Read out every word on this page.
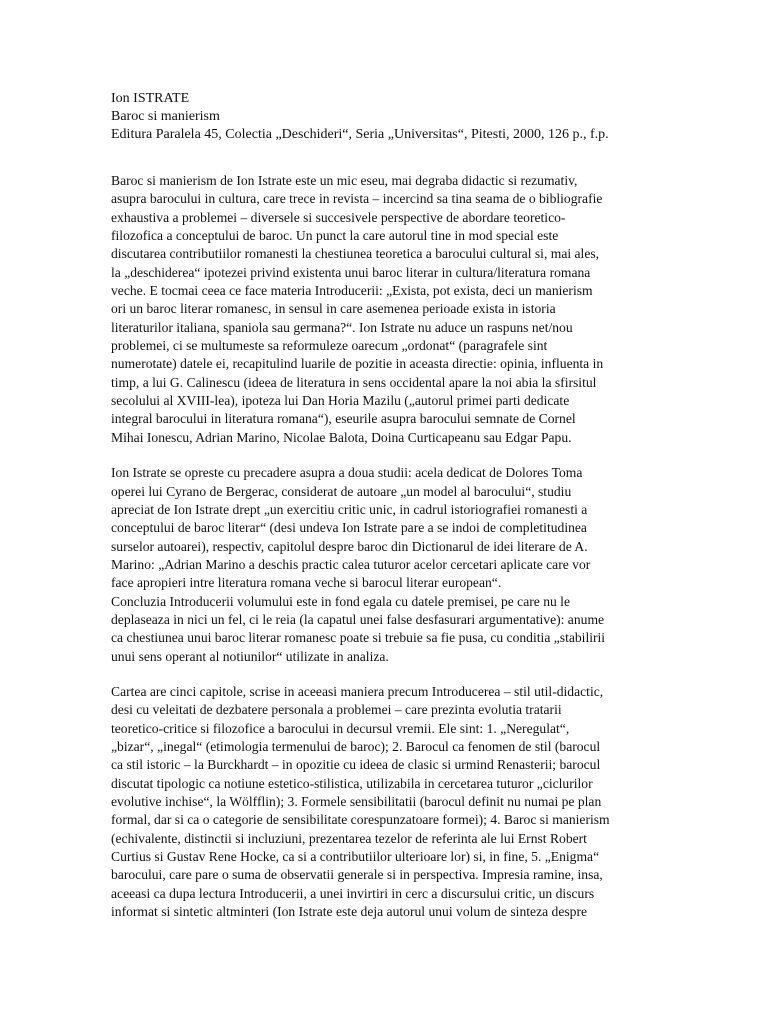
Ion ISTRATE
Baroc si manierism
Editura Paralela 45, Colectia „Deschideri“, Seria „Universitas“, Pitesti, 2000, 126 p., f.p.

Baroc si manierism de Ion Istrate este un mic eseu, mai degraba didactic si rezumativ,
asupra barocului in cultura, care trece in revista – incercind sa tina seama de o bibliografie
exhaustiva a problemei – diversele si succesivele perspective de abordare teoretico-
filozofica a conceptului de baroc. Un punct la care autorul tine in mod special este
discutarea contributiilor romanesti la chestiunea teoretica a barocului cultural si, mai ales,
la „deschiderea“ ipotezei privind existenta unui baroc literar in cultura/literatura romana
veche. E tocmai ceea ce face materia Introducerii: „Exista, pot exista, deci un manierism
ori un baroc literar romanesc, in sensul in care asemenea perioade exista in istoria
literaturilor italiana, spaniola sau germana?“. Ion Istrate nu aduce un raspuns net/nou
problemei, ci se multumeste sa reformuleze oarecum „ordonat“ (paragrafele sint
numerotate) datele ei, recapitulind luarile de pozitie in aceasta directie: opinia, influenta in
timp, a lui G. Calinescu (ideea de literatura in sens occidental apare la noi abia la sfirsitul
secolului al XVIII-lea), ipoteza lui Dan Horia Mazilu („autorul primei parti dedicate
integral barocului in literatura romana“), eseurile asupra barocului semnate de Cornel
Mihai Ionescu, Adrian Marino, Nicolae Balota, Doina Curticapeanu sau Edgar Papu.

Ion Istrate se opreste cu precadere asupra a doua studii: acela dedicat de Dolores Toma
operei lui Cyrano de Bergerac, considerat de autoare „un model al barocului“, studiu
apreciat de Ion Istrate drept „un exercitiu critic unic, in cadrul istoriografiei romanesti a
conceptului de baroc literar“ (desi undeva Ion Istrate pare a se indoi de completitudinea
surselor autoarei), respectiv, capitolul despre baroc din Dictionarul de idei literare de A.
Marino: „Adrian Marino a deschis practic calea tuturor acelor cercetari aplicate care vor
face apropieri intre literatura romana veche si barocul literar european“.
Concluzia Introducerii volumului este in fond egala cu datele premisei, pe care nu le
deplaseaza in nici un fel, ci le reia (la capatul unei false desfasurari argumentative): anume
ca chestiunea unui baroc literar romanesc poate si trebuie sa fie pusa, cu conditia „stabilirii
unui sens operant al notiunilor“ utilizate in analiza.

Cartea are cinci capitole, scrise in aceeasi maniera precum Introducerea – stil util-didactic,
desi cu veleitati de dezbatere personala a problemei – care prezinta evolutia tratarii
teoretico-critice si filozofice a barocului in decursul vremii. Ele sint: 1. „Neregulat“,
„bizar“, „inegal“ (etimologia termenului de baroc); 2. Barocul ca fenomen de stil (barocul
ca stil istoric – la Burckhardt – in opozitie cu ideea de clasic si urmind Renasterii; barocul
discutat tipologic ca notiune estetico-stilistica, utilizabila in cercetarea tuturor „ciclurilor
evolutive inchise“, la Wölfflin); 3. Formele sensibilitatii (barocul definit nu numai pe plan
formal, dar si ca o categorie de sensibilitate corespunzatoare formei); 4. Baroc si manierism
(echivalente, distinctii si incluziuni, prezentarea tezelor de referinta ale lui Ernst Robert
Curtius si Gustav Rene Hocke, ca si a contributiilor ulterioare lor) si, in fine, 5. „Enigma“
barocului, care pare o suma de observatii generale si in perspectiva. Impresia ramine, insa,
aceeasi ca dupa lectura Introducerii, a unei invirtiri in cerc a discursului critic, un discurs
informat si sintetic altminteri (Ion Istrate este deja autorul unui volum de sinteza despre
